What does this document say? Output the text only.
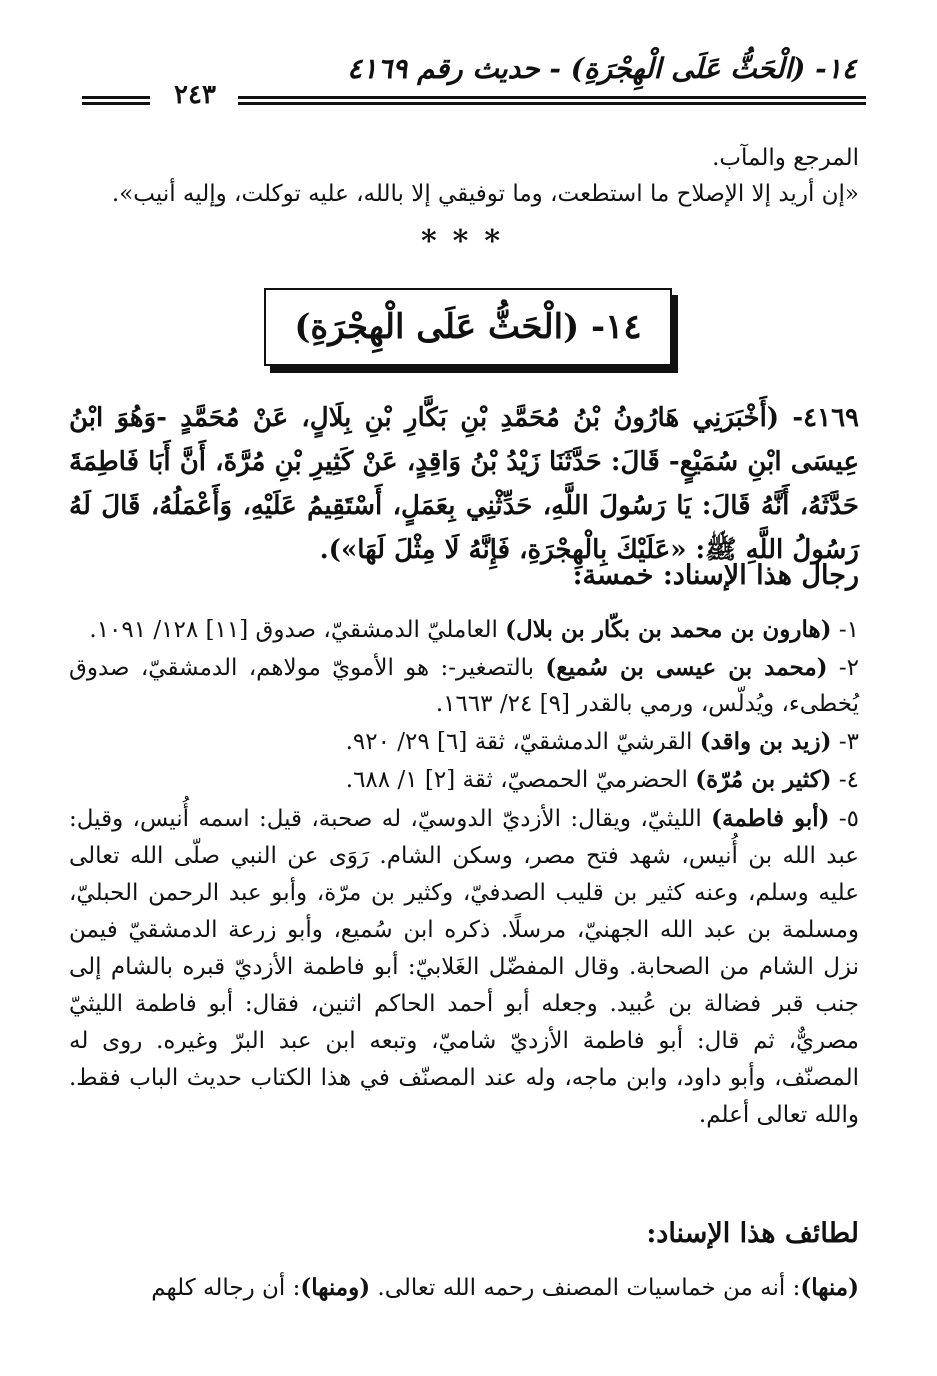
١٤- (الْحَثُّ عَلَى الْهِجْرَةِ) - حديث رقم ٤١٦٩
٢٤٣

المرجع والمآب.

«إن أريد إلا الإصلاح ما استطعت، وما توفيقي إلا بالله، عليه توكلت، وإليه أنيب».

***
١٤- (الْحَثُّ عَلَى الْهِجْرَةِ)

٤١٦٩- (أَخْبَرَنِي هَارُونُ بْنُ مُحَمَّدِ بْنِ بَكَّارِ بْنِ بِلَالٍ، عَنْ مُحَمَّدٍ -وَهُوَ ابْنُ عِيسَى ابْنِ سُمَيْعٍ- قَالَ: حَدَّثَنَا زَيْدُ بْنُ وَاقِدٍ، عَنْ كَثِيرِ بْنِ مُرَّةَ، أَنَّ أَبَا فَاطِمَةَ حَدَّثَهُ، أَنَّهُ قَالَ: يَا رَسُولَ اللَّهِ، حَدِّثْنِي بِعَمَلٍ، أَسْتَقِيمُ عَلَيْهِ، وَأَعْمَلُهُ، قَالَ لَهُ رَسُولُ اللَّهِ ﷺ: «عَلَيْكَ بِالْهِجْرَةِ، فَإِنَّهُ لَا مِثْلَ لَهَا»).

رجال هذا الإسناد: خمسة:

١- (هارون بن محمد بن بكّار بن بلال) العامليّ الدمشقيّ، صدوق [١١] ١٢٨/ ١٠٩١.

٢- (محمد بن عيسى بن سُميع) بالتصغير-: هو الأمويّ مولاهم، الدمشقيّ، صدوق يُخطىء، ويُدلّس، ورمي بالقدر [٩] ٢٤/ ١٦٦٣.

٣- (زيد بن واقد) القرشيّ الدمشقيّ، ثقة [٦] ٢٩/ ٩٢٠.

٤- (كثير بن مُرّة) الحضرميّ الحمصيّ، ثقة [٢] ١/ ٦٨٨.

٥- (أبو فاطمة) الليثيّ، ويقال: الأزديّ الدوسيّ، له صحبة، قيل: اسمه أُنيس، وقيل: عبد الله بن أُنيس، شهد فتح مصر، وسكن الشام. رَوَى عن النبي صلّى الله تعالى عليه وسلم، وعنه كثير بن قليب الصدفيّ، وكثير بن مرّة، وأبو عبد الرحمن الحبليّ، ومسلمة بن عبد الله الجهنيّ، مرسلًا. ذكره ابن سُميع، وأبو زرعة الدمشقيّ فيمن نزل الشام من الصحابة. وقال المفضّل الغَلابيّ: أبو فاطمة الأزديّ قبره بالشام إلى جنب قبر فضالة بن عُبيد. وجعله أبو أحمد الحاكم اثنين، فقال: أبو فاطمة الليثيّ مصريٌّ، ثم قال: أبو فاطمة الأزديّ شاميّ، وتبعه ابن عبد البرّ وغيره. روى له المصنّف، وأبو داود، وابن ماجه، وله عند المصنّف في هذا الكتاب حديث الباب فقط. والله تعالى أعلم.

لطائف هذا الإسناد:

(منها): أنه من خماسيات المصنف رحمه الله تعالى. (ومنها): أن رجاله كلهم
